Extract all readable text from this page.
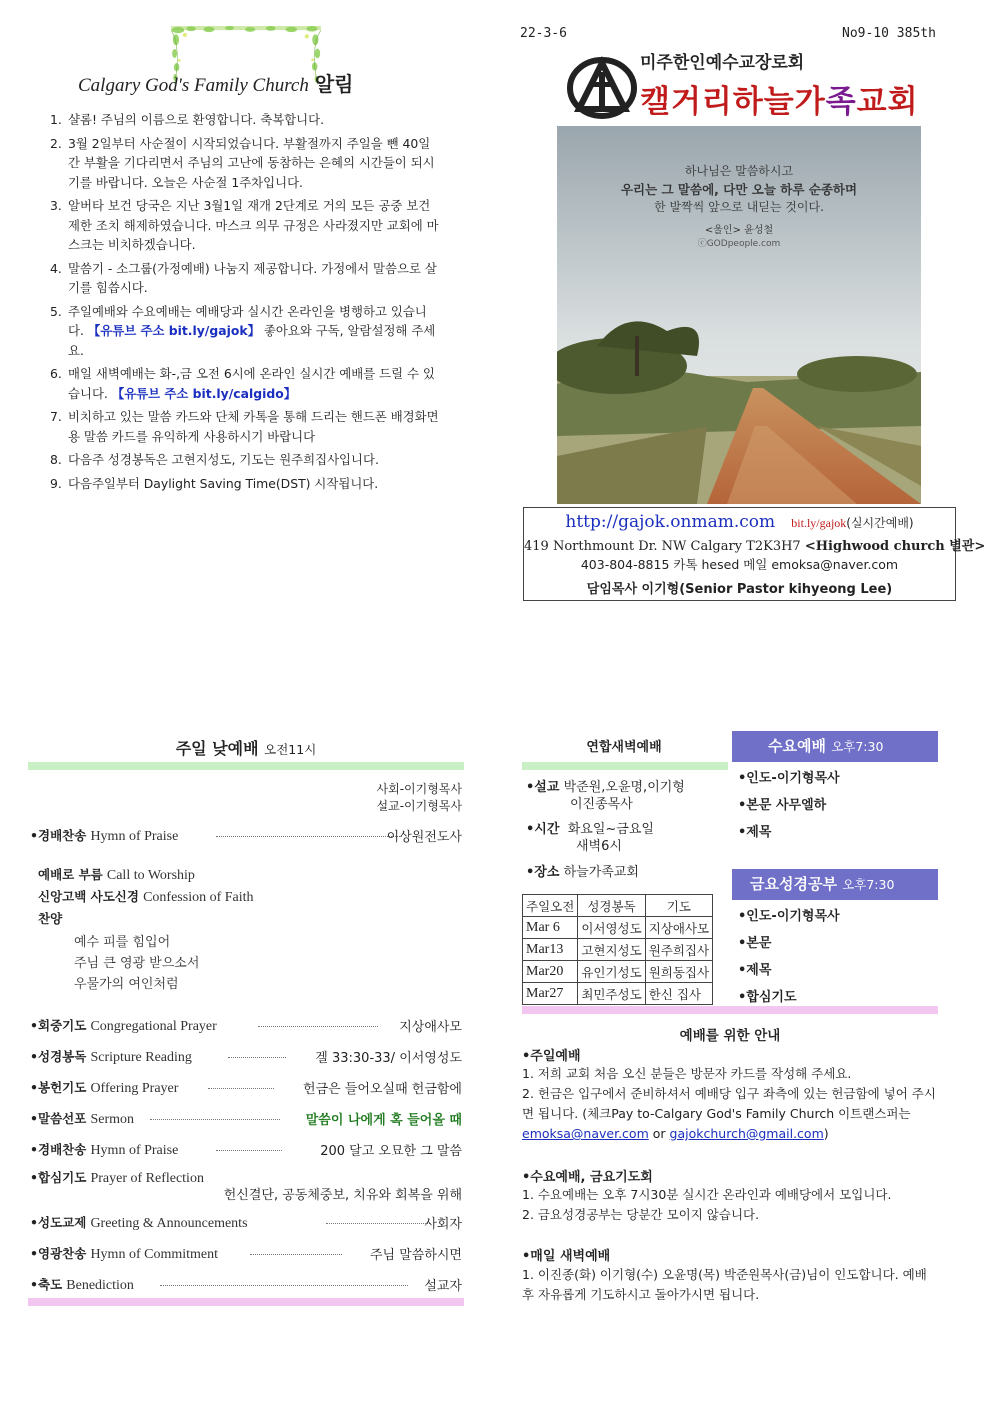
Calgary God's Family Church 알림
1. 샬롬! 주님의 이름으로 환영합니다. 축복합니다.
2. 3월 2일부터 사순절이 시작되었습니다. 부활절까지 주일을 뺀 40일간 부활을 기다리면서 주님의 고난에 동참하는 은혜의 시간들이 되시기를 바랍니다. 오늘은 사순절 1주차입니다.
3. 알버타 보건 당국은 지난 3월1일 재개 2단계로 거의 모든 공중 보건 제한 조치 해제하였습니다. 마스크 의무 규정은 사라졌지만 교회에 마스크는 비치하겠습니다.
4. 말씀기 - 소그룹(가정예배) 나눔지 제공합니다. 가정에서 말씀으로 살기를 힘씁시다.
5. 주일예배와 수요예배는 예배당과 실시간 온라인을 병행하고 있습니다. 【유튜브 주소 bit.ly/gajok】 좋아요와 구독, 알람설정해 주세요.
6. 매일 새벽예배는 화-,금 오전 6시에 온라인 실시간 예배를 드릴 수 있습니다. 【유튜브 주소 bit.ly/calgido】
7. 비치하고 있는 말씀 카드와 단체 카톡을 통해 드리는 핸드폰 배경화면용 말씀 카드를 유익하게 사용하시기 바랍니다
8. 다음주 성경봉독은 고현지성도, 기도는 원주희집사입니다.
9. 다음주일부터 Daylight Saving Time(DST) 시작됩니다.
22-3-6	No9-10 385th
미주한인예수교장로회
캘거리하늘가족교회
하나님은 말씀하시고
우리는 그 말씀에, 다만 오늘 하루 순종하며
한 발짝씩 앞으로 내딛는 것이다.
<울인> 윤성철
ⓒGODpeople.com
http://gajok.onmam.com bit.ly/gajok(실시간예배)
419 Northmount Dr. NW Calgary T2K3H7 <Highwood church 별관>
403-804-8815 카톡 hesed 메일 emoksa@naver.com
담임목사 이기형(Senior Pastor kihyeong Lee)
주일 낮예배 오전11시
사회-이기형목사
설교-이기형목사
•경배찬송 Hymn of Praise	이상원전도사
예배로 부름 Call to Worship
신앙고백 사도신경 Confession of Faith
찬양
예수 피를 힘입어
주님 큰 영광 받으소서
우물가의 여인처럼
•회중기도 Congregational Prayer	지상애사모
•성경봉독 Scripture Reading	겔 33:30-33/ 이서영성도
•봉헌기도 Offering Prayer	헌금은 들어오실때 헌금함에
•말씀선포 Sermon	말씀이 나에게 혹 들어올 때
•경배찬송 Hymn of Praise	200 달고 오묘한 그 말씀
•합심기도 Prayer of Reflection
헌신결단, 공동체중보, 치유와 회복을 위해
•성도교제 Greeting & Announcements	사회자
•영광찬송 Hymn of Commitment	주님 말씀하시면
•축도 Benediction	설교자
연합새벽예배
•설교 박준원,오윤명,이기형
이진종목사
•시간 화요일~금요일
새벽6시
•장소 하늘가족교회
주일오전	성경봉독	기도
Mar 6	이서영성도	지상애사모
Mar13	고현지성도	원주희집사
Mar20	유인기성도	원희동집사
Mar27	최민주성도	한신 집사
수요예배 오후7:30
•인도-이기형목사
•본문 사무엘하
•제목
금요성경공부 오후7:30
•인도-이기형목사
•본문
•제목
•합심기도
예배를 위한 안내
•주일예배
1. 저희 교회 처음 오신 분들은 방문자 카드를 작성해 주세요.
2. 헌금은 입구에서 준비하셔서 예배당 입구 좌측에 있는 헌금함에 넣어 주시면 됩니다. (체크Pay to-Calgary God's Family Church 이트랜스퍼는 emoksa@naver.com or gajokchurch@gmail.com)
•수요예배, 금요기도회
1. 수요예배는 오후 7시30분 실시간 온라인과 예배당에서 모입니다.
2. 금요성경공부는 당분간 모이지 않습니다.
•매일 새벽예배
1. 이진종(화) 이기형(수) 오윤명(목) 박준원목사(금)님이 인도합니다. 예배 후 자유롭게 기도하시고 돌아가시면 됩니다.
